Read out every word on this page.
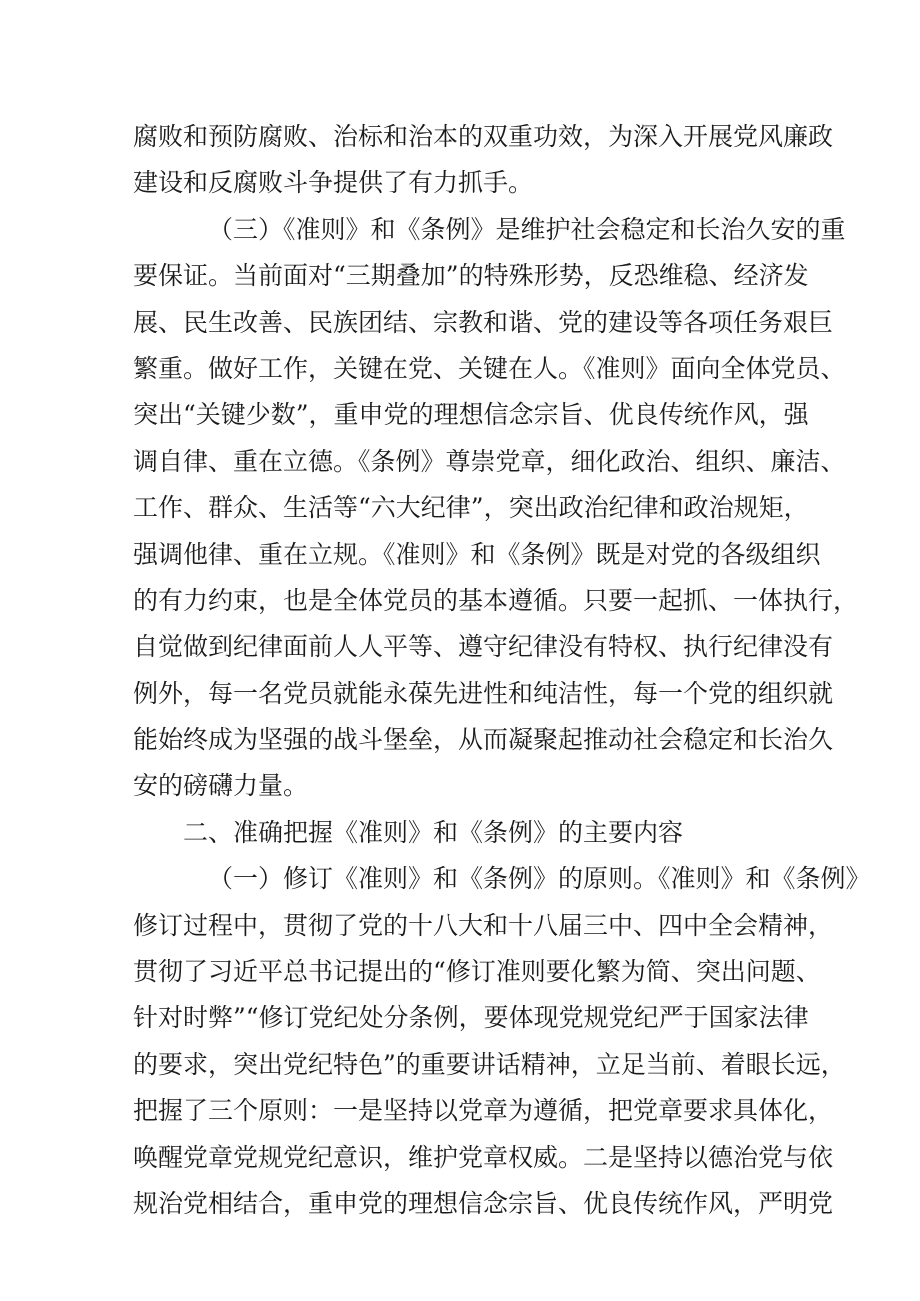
腐败和预防腐败、治标和治本的双重功效，为深入开展党风廉政
建设和反腐败斗争提供了有力抓手。
（三）《准则》和《条例》是维护社会稳定和长治久安的重
要保证。当前面对“三期叠加”的特殊形势，反恐维稳、经济发
展、民生改善、民族团结、宗教和谐、党的建设等各项任务艰巨
繁重。做好工作，关键在党、关键在人。《准则》面向全体党员、
突出“关键少数”，重申党的理想信念宗旨、优良传统作风，强
调自律、重在立德。《条例》尊崇党章，细化政治、组织、廉洁、
工作、群众、生活等“六大纪律”，突出政治纪律和政治规矩，
强调他律、重在立规。《准则》和《条例》既是对党的各级组织
的有力约束，也是全体党员的基本遵循。只要一起抓、一体执行，
自觉做到纪律面前人人平等、遵守纪律没有特权、执行纪律没有
例外，每一名党员就能永葆先进性和纯洁性，每一个党的组织就
能始终成为坚强的战斗堡垒，从而凝聚起推动社会稳定和长治久
安的磅礴力量。
二、准确把握《准则》和《条例》的主要内容
（一）修订《准则》和《条例》的原则。《准则》和《条例》
修订过程中，贯彻了党的十八大和十八届三中、四中全会精神，
贯彻了习近平总书记提出的“修订准则要化繁为简、突出问题、
针对时弊”“修订党纪处分条例，要体现党规党纪严于国家法律
的要求，突出党纪特色”的重要讲话精神，立足当前、着眼长远，
把握了三个原则：一是坚持以党章为遵循，把党章要求具体化，
唤醒党章党规党纪意识，维护党章权威。二是坚持以德治党与依
规治党相结合，重申党的理想信念宗旨、优良传统作风，严明党
